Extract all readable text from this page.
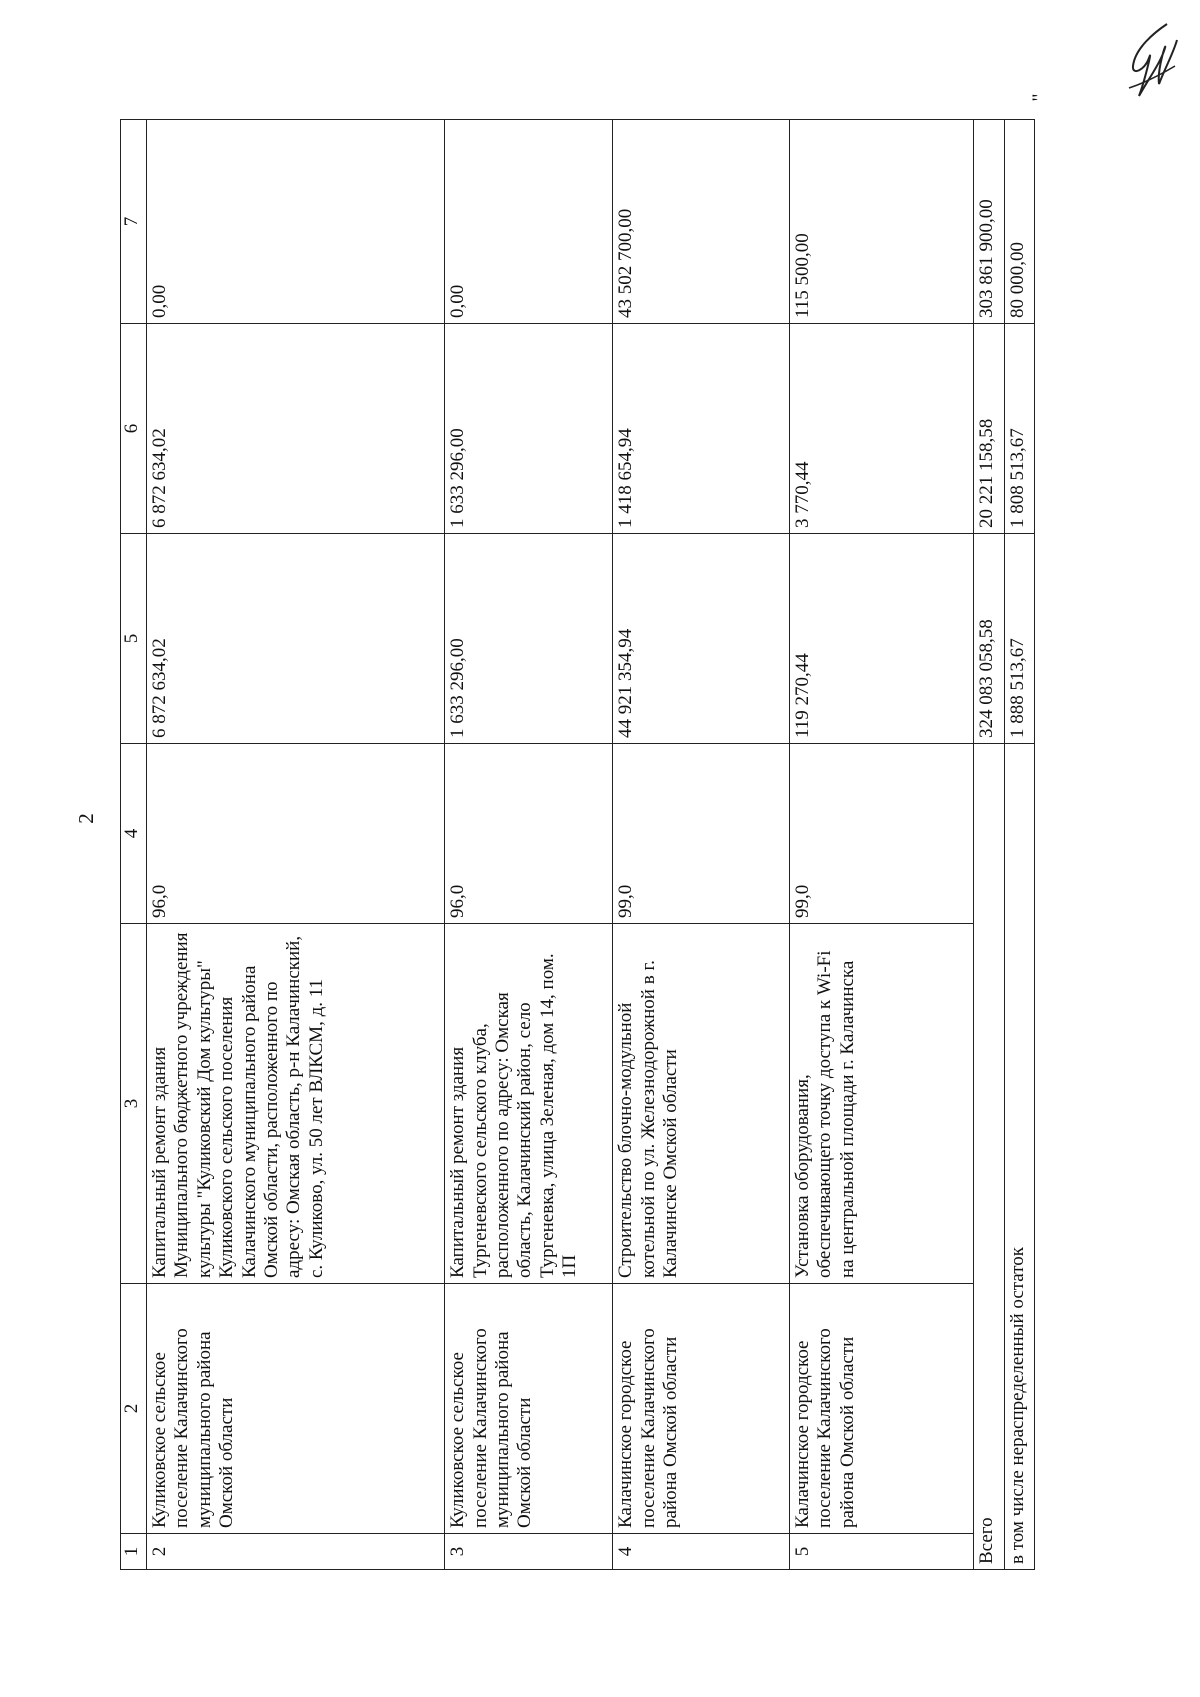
2
"
1	2	3	4	5	6	7
2	Куликовское сельское поселение Калачинского муниципального района Омской области	Капитальный ремонт здания Муниципального бюджетного учреждения культуры "Куликовский Дом культуры" Куликовского сельского поселения Калачинского муниципального района Омской области, расположенного по адресу: Омская область, р-н Калачинский, с. Куликово, ул. 50 лет ВЛКСМ, д. 11	96,0	6 872 634,02	6 872 634,02	0,00
3	Куликовское сельское поселение Калачинского муниципального района Омской области	Капитальный ремонт здания Тургеневского сельского клуба, расположенного по адресу: Омская область, Калачинский район, село Тургеневка, улица Зеленая, дом 14, пом. 1П	96,0	1 633 296,00	1 633 296,00	0,00
4	Калачинское городское поселение Калачинского района Омской области	Строительство блочно-модульной котельной по ул. Железнодорожной в г. Калачинске Омской области	99,0	44 921 354,94	1 418 654,94	43 502 700,00
5	Калачинское городское поселение Калачинского района Омской области	Установка оборудования, обеспечивающего точку доступа к Wi-Fi на центральной площади г. Калачинска	99,0	119 270,44	3 770,44	115 500,00
Всего				324 083 058,58	20 221 158,58	303 861 900,00
в том числе нераспределенный остаток				1 888 513,67	1 808 513,67	80 000,00
